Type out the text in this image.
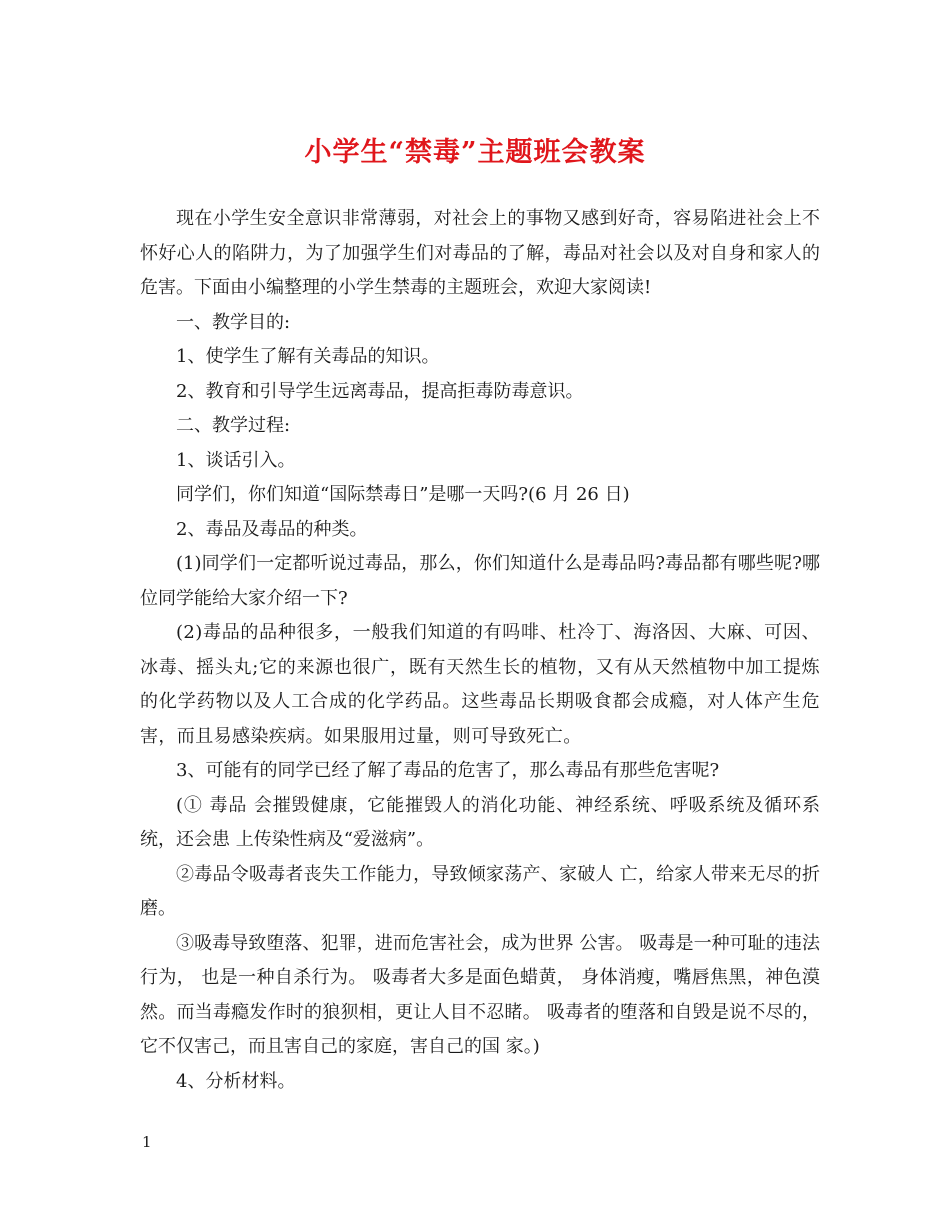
小学生“禁毒”主题班会教案

现在小学生安全意识非常薄弱，对社会上的事物又感到好奇，容易陷进社会上不怀好心人的陷阱力，为了加强学生们对毒品的了解，毒品对社会以及对自身和家人的危害。下面由小编整理的小学生禁毒的主题班会，欢迎大家阅读!

一、教学目的:

1、使学生了解有关毒品的知识。

2、教育和引导学生远离毒品，提高拒毒防毒意识。

二、教学过程:

1、谈话引入。

同学们，你们知道“国际禁毒日”是哪一天吗?(6 月 26 日)

2、毒品及毒品的种类。

(1)同学们一定都听说过毒品，那么，你们知道什么是毒品吗?毒品都有哪些呢?哪位同学能给大家介绍一下?

(2)毒品的品种很多，一般我们知道的有吗啡、杜冷丁、海洛因、大麻、可因、冰毒、摇头丸;它的来源也很广，既有天然生长的植物，又有从天然植物中加工提炼的化学药物以及人工合成的化学药品。这些毒品长期吸食都会成瘾，对人体产生危害，而且易感染疾病。如果服用过量，则可导致死亡。

3、可能有的同学已经了解了毒品的危害了，那么毒品有那些危害呢?

(① 毒品 会摧毁健康，它能摧毁人的消化功能、神经系统、呼吸系统及循环系统，还会患 上传染性病及“爱滋病”。

②毒品令吸毒者丧失工作能力，导致倾家荡产、家破人 亡，给家人带来无尽的折磨。

③吸毒导致堕落、犯罪，进而危害社会，成为世界 公害。 吸毒是一种可耻的违法行为， 也是一种自杀行为。 吸毒者大多是面色蜡黄， 身体消瘦，嘴唇焦黑，神色漠然。而当毒瘾发作时的狼狈相，更让人目不忍睹。 吸毒者的堕落和自毁是说不尽的，它不仅害己，而且害自己的家庭，害自己的国 家。)

4、分析材料。

1
